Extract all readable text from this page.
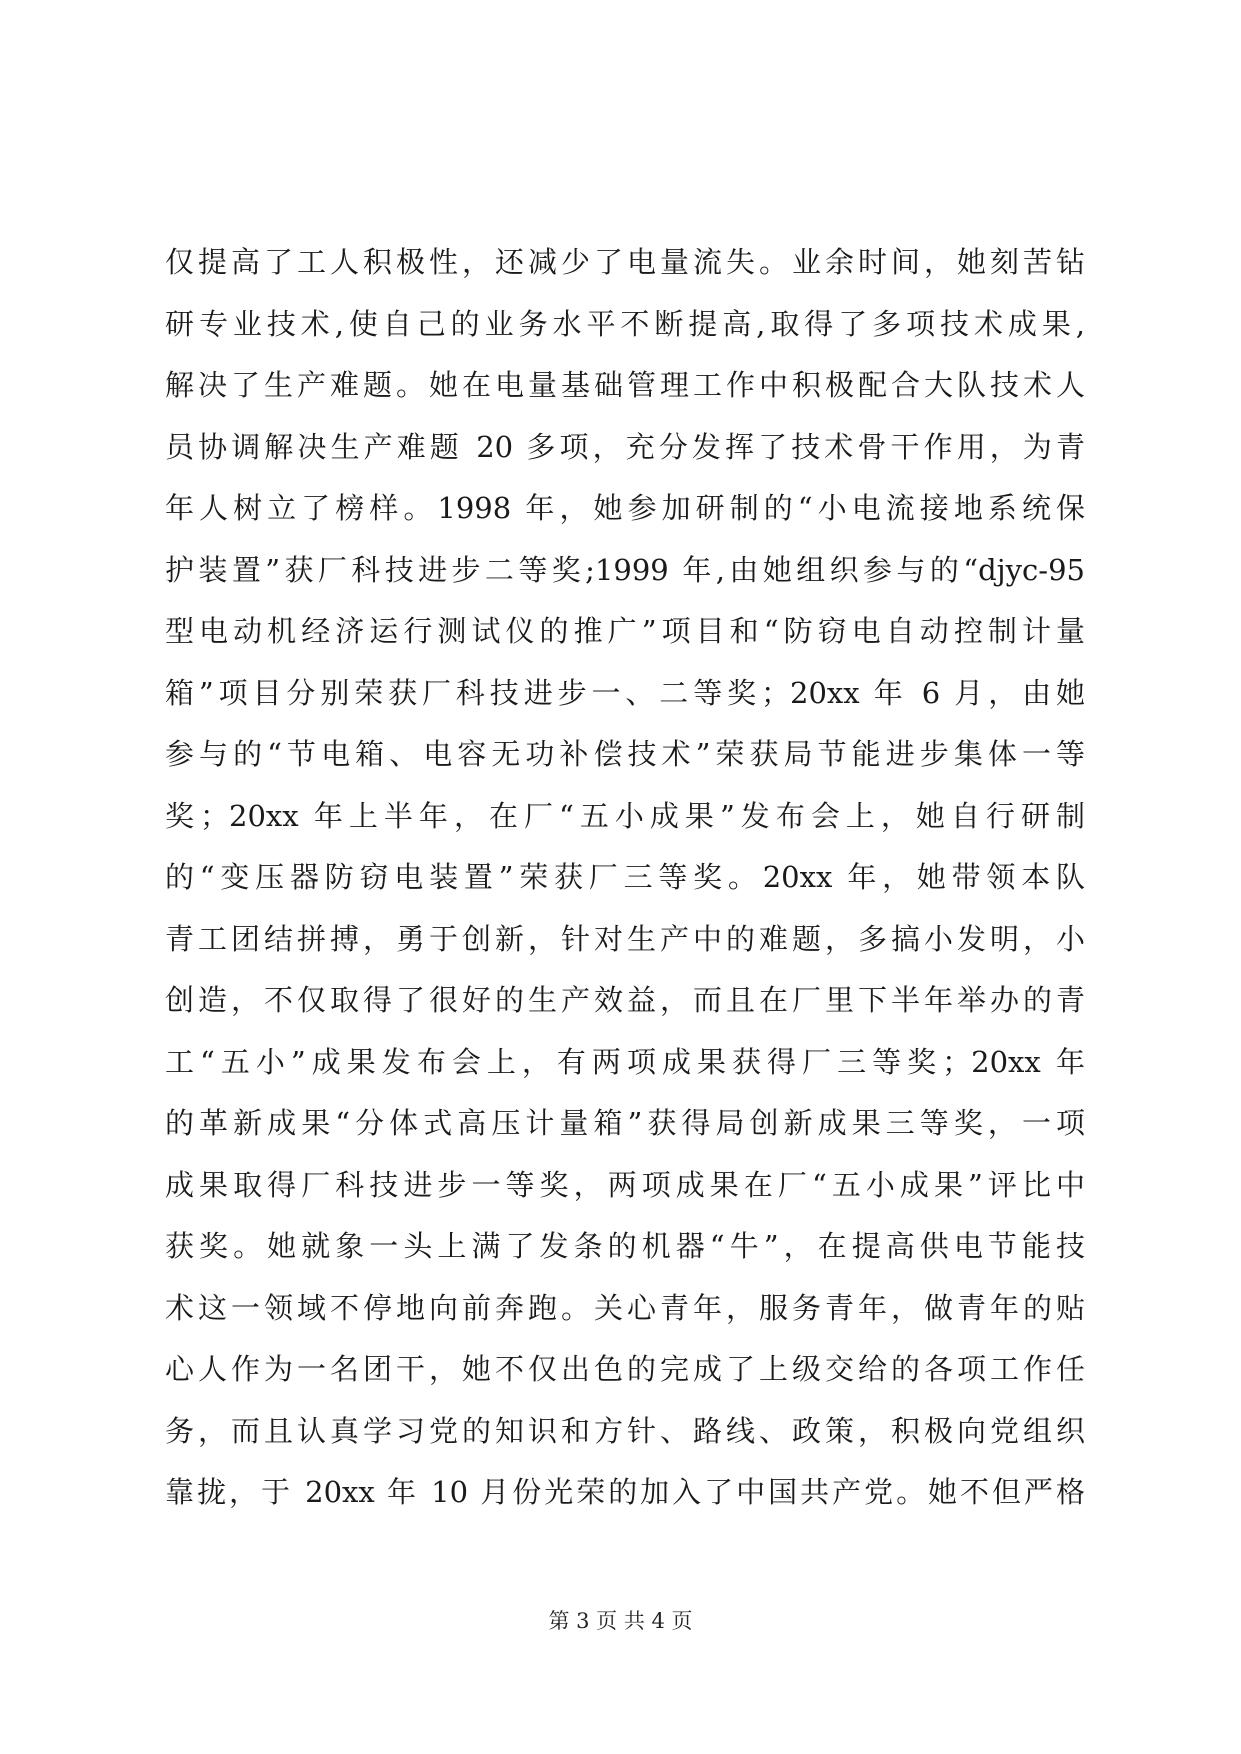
仅提高了工人积极性，还减少了电量流失。业余时间，她刻苦钻
研专业技术,使自己的业务水平不断提高,取得了多项技术成果,
解决了生产难题。她在电量基础管理工作中积极配合大队技术人
员协调解决生产难题 20 多项，充分发挥了技术骨干作用，为青
年人树立了榜样。1998 年，她参加研制的“小电流接地系统保
护装置”获厂科技进步二等奖;1999 年,由她组织参与的“djyc-95
型电动机经济运行测试仪的推广”项目和“防窃电自动控制计量
箱”项目分别荣获厂科技进步一、二等奖；20xx 年 6 月，由她
参与的“节电箱、电容无功补偿技术”荣获局节能进步集体一等
奖；20xx 年上半年，在厂“五小成果”发布会上，她自行研制
的“变压器防窃电装置”荣获厂三等奖。20xx 年，她带领本队
青工团结拼搏，勇于创新，针对生产中的难题，多搞小发明，小
创造，不仅取得了很好的生产效益，而且在厂里下半年举办的青
工“五小”成果发布会上，有两项成果获得厂三等奖；20xx 年
的革新成果“分体式高压计量箱”获得局创新成果三等奖，一项
成果取得厂科技进步一等奖，两项成果在厂“五小成果”评比中
获奖。她就象一头上满了发条的机器“牛”，在提高供电节能技
术这一领域不停地向前奔跑。关心青年，服务青年，做青年的贴
心人作为一名团干，她不仅出色的完成了上级交给的各项工作任
务，而且认真学习党的知识和方针、路线、政策，积极向党组织
靠拢，于 20xx 年 10 月份光荣的加入了中国共产党。她不但严格
第 3 页 共 4 页
